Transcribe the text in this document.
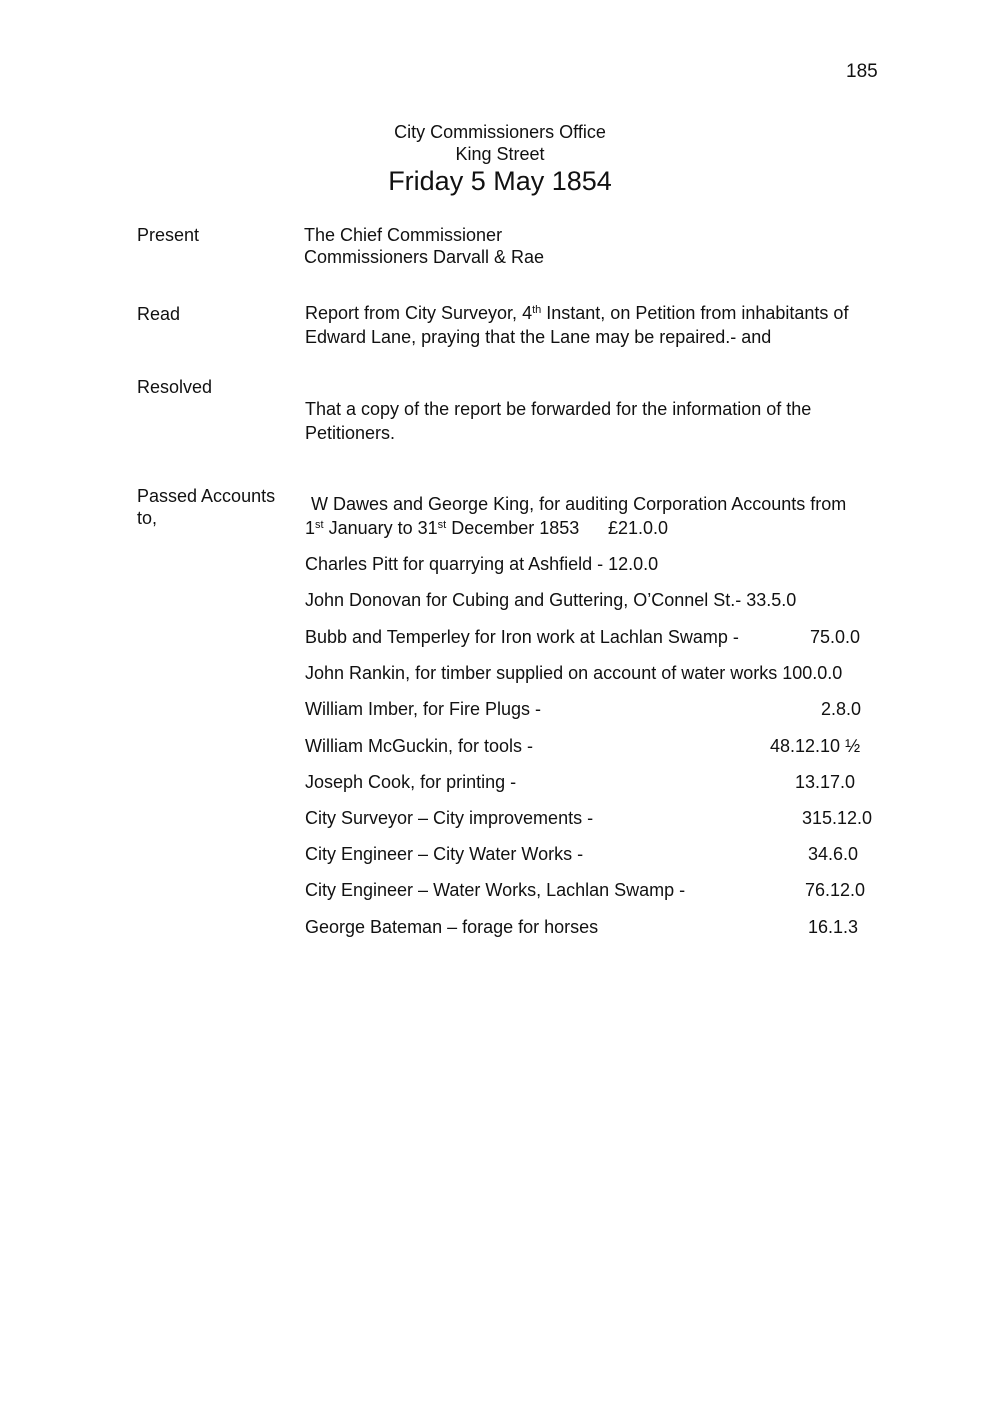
185
City Commissioners Office
King Street
Friday 5 May 1854
Present	The Chief Commissioner
Commissioners Darvall & Rae
Read	Report from City Surveyor, 4th Instant, on Petition from inhabitants of
Edward Lane, praying that the Lane may be repaired.- and
Resolved
That a copy of the report be forwarded for the information of the
Petitioners.
Passed Accounts
to,
W Dawes and George King, for auditing Corporation Accounts from
1st January to 31st December 1853 £21.0.0
Charles Pitt for quarrying at Ashfield - 12.0.0
John Donovan for Cubing and Guttering, O’Connel St.- 33.5.0
Bubb and Temperley for Iron work at Lachlan Swamp -	75.0.0
John Rankin, for timber supplied on account of water works 100.0.0
William Imber, for Fire Plugs -	2.8.0
William McGuckin, for tools -	48.12.10 ½
Joseph Cook, for printing -	13.17.0
City Surveyor – City improvements -	315.12.0
City Engineer – City Water Works -	34.6.0
City Engineer – Water Works, Lachlan Swamp -	76.12.0
George Bateman – forage for horses	16.1.3
